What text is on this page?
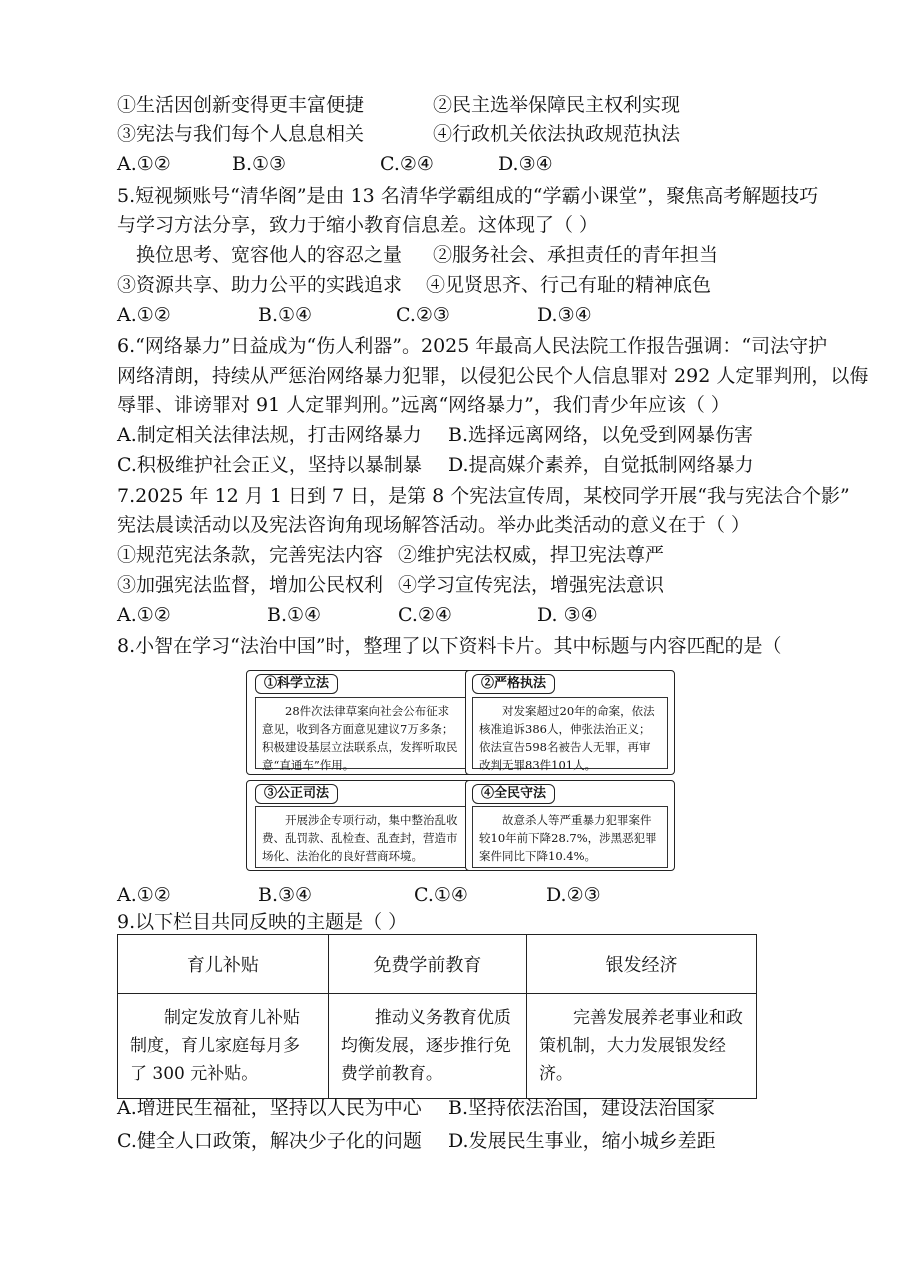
①生活因创新变得更丰富便捷	②民主选举保障民主权利实现
③宪法与我们每个人息息相关	④行政机关依法执政规范执法
A.①②	B.①③	C.②④	D.③④
5.短视频账号“清华阁”是由 13 名清华学霸组成的“学霸小课堂”，聚焦高考解题技巧
与学习方法分享，致力于缩小教育信息差。这体现了（ ）
换位思考、宽容他人的容忍之量 ②服务社会、承担责任的青年担当
③资源共享、助力公平的实践追求 ④见贤思齐、行己有耻的精神底色
A.①②	B.①④	C.②③	D.③④
6.“网络暴力”日益成为“伤人利器”。2025 年最高人民法院工作报告强调：“司法守护
网络清朗，持续从严惩治网络暴力犯罪，以侵犯公民个人信息罪对 292 人定罪判刑，以侮
辱罪、诽谤罪对 91 人定罪判刑。”远离“网络暴力”，我们青少年应该（ ）
A.制定相关法律法规，打击网络暴力 B.选择远离网络，以免受到网暴伤害
C.积极维护社会正义，坚持以暴制暴 D.提高媒介素养，自觉抵制网络暴力
7.2025 年 12 月 1 日到 7 日，是第 8 个宪法宣传周，某校同学开展“我与宪法合个影”
宪法晨读活动以及宪法咨询角现场解答活动。举办此类活动的意义在于（ ）
①规范宪法条款，完善宪法内容 ②维护宪法权威，捍卫宪法尊严
③加强宪法监督，增加公民权利 ④学习宣传宪法，增强宪法意识
A.①②	B.①④	C.②④	D. ③④
8.小智在学习“法治中国”时，整理了以下资料卡片。其中标题与内容匹配的是（
①科学立法
28件次法律草案向社会公布征求意见，收到各方面意见建议7万多条；积极建设基层立法联系点，发挥听取民意“直通车”作用。
②严格执法
对发案超过20年的命案，依法核准追诉386人，伸张法治正义；依法宣告598名被告人无罪，再审改判无罪83件101人。
③公正司法
开展涉企专项行动，集中整治乱收费、乱罚款、乱检查、乱查封，营造市场化、法治化的良好营商环境。
④全民守法
故意杀人等严重暴力犯罪案件较10年前下降28.7%，涉黑恶犯罪案件同比下降10.4%。
A.①②	B.③④	C.①④	D.②③
9.以下栏目共同反映的主题是（ ）
育儿补贴	免费学前教育	银发经济
制定发放育儿补贴制度，育儿家庭每月多了 300 元补贴。	推动义务教育优质均衡发展，逐步推行免费学前教育。	完善发展养老事业和政策机制，大力发展银发经济。
A.增进民生福祉，坚持以人民为中心 B.坚持依法治国，建设法治国家
C.健全人口政策，解决少子化的问题 D.发展民生事业，缩小城乡差距
